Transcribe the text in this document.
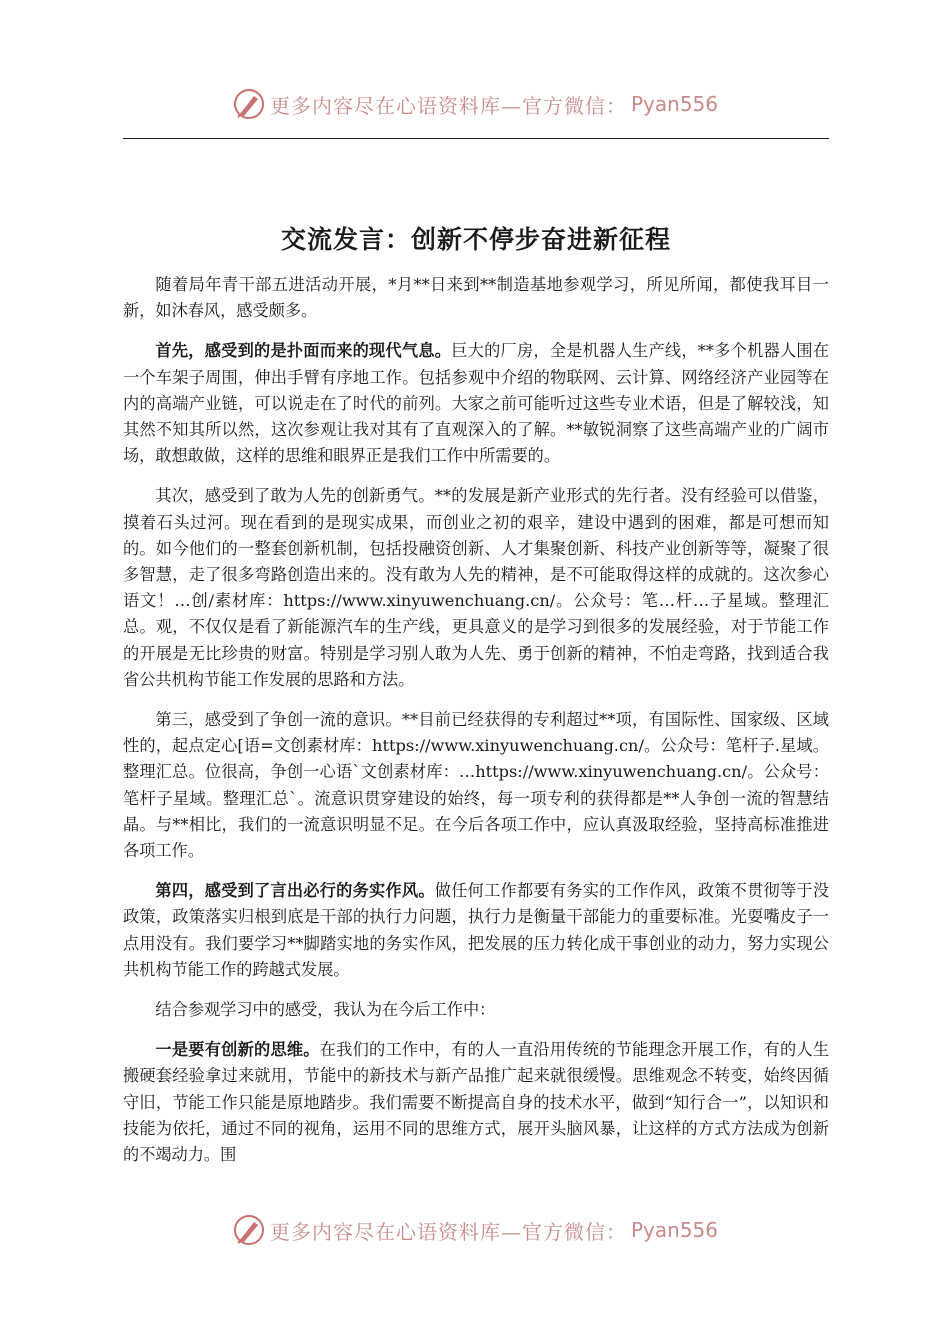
更多内容尽在心语资料库—官方微信： Pyan556
交流发言：创新不停步奋进新征程

随着局年青干部五进活动开展，*月**日来到**制造基地参观学习，所见所闻，都使我耳目一新，如沐春风，感受颇多。

首先，感受到的是扑面而来的现代气息。巨大的厂房，全是机器人生产线，**多个机器人围在一个车架子周围，伸出手臂有序地工作。包括参观中介绍的物联网、云计算、网络经济产业园等在内的高端产业链，可以说走在了时代的前列。大家之前可能听过这些专业术语，但是了解较浅，知其然不知其所以然，这次参观让我对其有了直观深入的了解。**敏锐洞察了这些高端产业的广阔市场，敢想敢做，这样的思维和眼界正是我们工作中所需要的。

其次，感受到了敢为人先的创新勇气。**的发展是新产业形式的先行者。没有经验可以借鉴，摸着石头过河。现在看到的是现实成果，而创业之初的艰辛，建设中遇到的困难，都是可想而知的。如今他们的一整套创新机制，包括投融资创新、人才集聚创新、科技产业创新等等，凝聚了很多智慧，走了很多弯路创造出来的。没有敢为人先的精神，是不可能取得这样的成就的。这次参心语文！…创/素材库：https://www.xinyuwenchuang.cn/。公众号：笔…杆…子星域。整理汇总。观，不仅仅是看了新能源汽车的生产线，更具意义的是学习到很多的发展经验，对于节能工作的开展是无比珍贵的财富。特别是学习别人敢为人先、勇于创新的精神，不怕走弯路，找到适合我省公共机构节能工作发展的思路和方法。

第三，感受到了争创一流的意识。**目前已经获得的专利超过**项，有国际性、国家级、区域性的，起点定心[语=文创素材库：https://www.xinyuwenchuang.cn/。公众号：笔杆子.星域。整理汇总。位很高，争创一心语`文创素材库：…https://www.xinyuwenchuang.cn/。公众号：笔杆子星域。整理汇总`。流意识贯穿建设的始终，每一项专利的获得都是**人争创一流的智慧结晶。与**相比，我们的一流意识明显不足。在今后各项工作中，应认真汲取经验，坚持高标准推进各项工作。

第四，感受到了言出必行的务实作风。做任何工作都要有务实的工作作风，政策不贯彻等于没政策，政策落实归根到底是干部的执行力问题，执行力是衡量干部能力的重要标准。光耍嘴皮子一点用没有。我们要学习**脚踏实地的务实作风，把发展的压力转化成干事创业的动力，努力实现公共机构节能工作的跨越式发展。

结合参观学习中的感受，我认为在今后工作中：

一是要有创新的思维。在我们的工作中，有的人一直沿用传统的节能理念开展工作，有的人生搬硬套经验拿过来就用，节能中的新技术与新产品推广起来就很缓慢。思维观念不转变，始终因循守旧，节能工作只能是原地踏步。我们需要不断提高自身的技术水平，做到“知行合一”，以知识和技能为依托，通过不同的视角，运用不同的思维方式，展开头脑风暴，让这样的方式方法成为创新的不竭动力。围

更多内容尽在心语资料库—官方微信： Pyan556
